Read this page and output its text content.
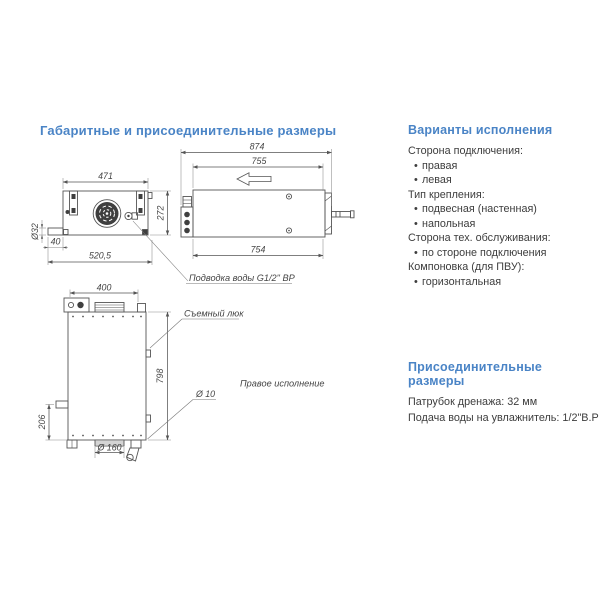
471
272
Ø32
40
520,5
Подводка воды G1/2" ВР
874
755
754
400
798
206
Ø 160
Ø 10
Съемный люк
Правое исполнение
Габаритные и присоединительные размеры	Варианты исполнения
Сторона подключения:
• правая
• левая
Тип крепления:
• подвесная (настенная)
• напольная
Сторона тех. обслуживания:
• по стороне подключения
Компоновка (для ПВУ):
• горизонтальная
Присоединительные размеры
Патрубок дренажа: 32 мм
Подача воды на увлажнитель: 1/2"В.Р
